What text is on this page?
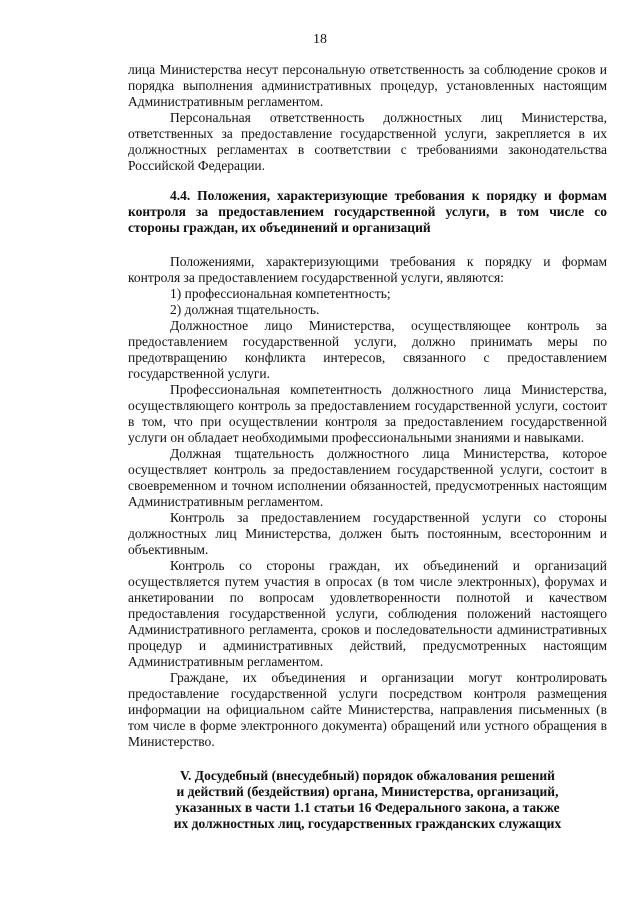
18

лица Министерства несут персональную ответственность за соблюдение сроков и порядка выполнения административных процедур, установленных настоящим Административным регламентом.

Персональная ответственность должностных лиц Министерства, ответственных за предоставление государственной услуги, закрепляется в их должностных регламентах в соответствии с требованиями законодательства Российской Федерации.

4.4. Положения, характеризующие требования к порядку и формам контроля за предоставлением государственной услуги, в том числе со стороны граждан, их объединений и организаций

Положениями, характеризующими требования к порядку и формам контроля за предоставлением государственной услуги, являются:

1) профессиональная компетентность;

2) должная тщательность.

Должностное лицо Министерства, осуществляющее контроль за предоставлением государственной услуги, должно принимать меры по предотвращению конфликта интересов, связанного с предоставлением государственной услуги.

Профессиональная компетентность должностного лица Министерства, осуществляющего контроль за предоставлением государственной услуги, состоит в том, что при осуществлении контроля за предоставлением государственной услуги он обладает необходимыми профессиональными знаниями и навыками.

Должная тщательность должностного лица Министерства, которое осуществляет контроль за предоставлением государственной услуги, состоит в своевременном и точном исполнении обязанностей, предусмотренных настоящим Административным регламентом.

Контроль за предоставлением государственной услуги со стороны должностных лиц Министерства, должен быть постоянным, всесторонним и объективным.

Контроль со стороны граждан, их объединений и организаций осуществляется путем участия в опросах (в том числе электронных), форумах и анкетировании по вопросам удовлетворенности полнотой и качеством предоставления государственной услуги, соблюдения положений настоящего Административного регламента, сроков и последовательности административных процедур и административных действий, предусмотренных настоящим Административным регламентом.

Граждане, их объединения и организации могут контролировать предоставление государственной услуги посредством контроля размещения информации на официальном сайте Министерства, направления письменных (в том числе в форме электронного документа) обращений или устного обращения в Министерство.

V. Досудебный (внесудебный) порядок обжалования решений
и действий (бездействия) органа, Министерства, организаций,
указанных в части 1.1 статьи 16 Федерального закона, а также
их должностных лиц, государственных гражданских служащих
